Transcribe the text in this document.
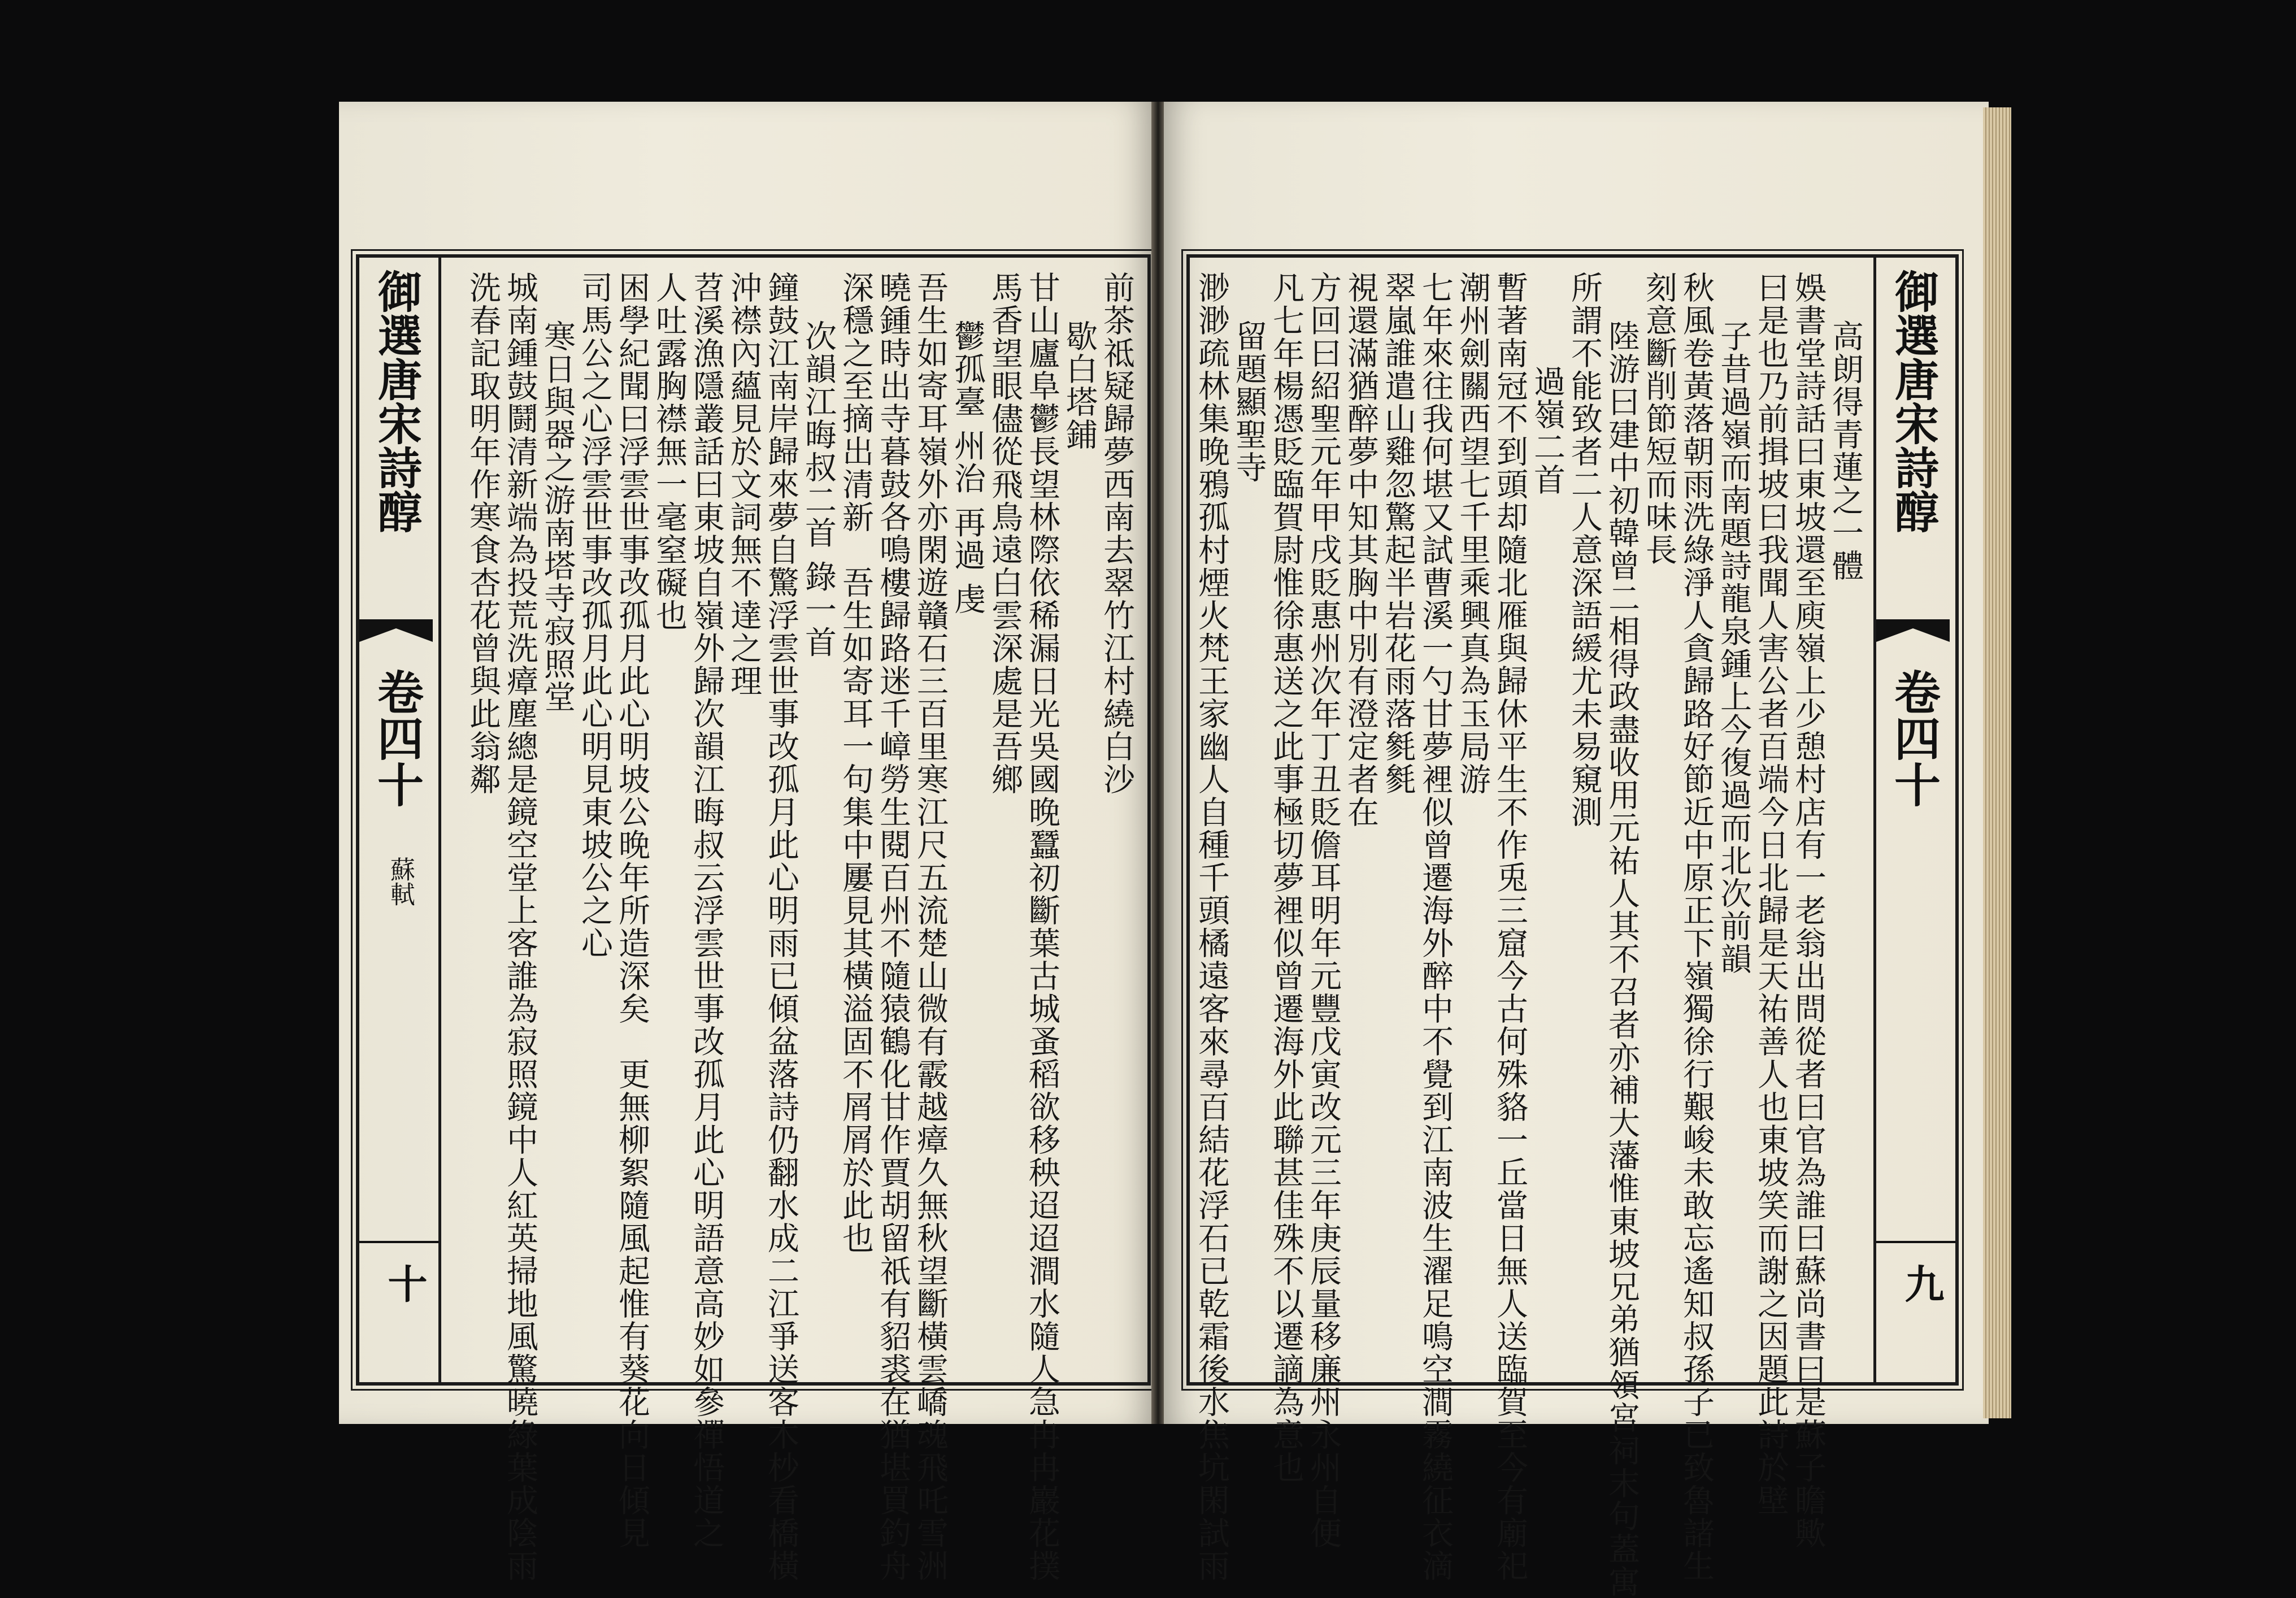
御選唐宋詩醇
卷四十
蘇軾
十
前茶祗疑歸夢西南去翠竹江村繞白沙
歇白塔鋪
甘山廬阜鬱長望林際依稀漏日光吳國晚蠶初斷葉古城蚤稻欲移秧迢迢澗水隨人急冉冉巖花撲
馬香望眼儘從飛鳥遠白雲深處是吾鄉
鬱孤臺 州治 再過 虔
吾生如寄耳嶺外亦閑遊贛石三百里寒江尺五流楚山微有霰越瘴久無秋望斷橫雲嶠魂飛吒雪洲
曉鍾時出寺暮鼓各鳴樓歸路迷千嶂勞生閱百州不隨猿鶴化甘作賈胡留祇有貂裘在猶堪買釣舟
深穩之至摘出清新　吾生如寄耳一句集中屢見其橫溢固不屑屑於此也
次韻江晦叔二首 錄一首
鐘鼓江南岸歸來夢自驚浮雲世事改孤月此心明雨已傾盆落詩仍翻水成二江爭送客木杪看橋橫
沖襟內蘊見於文詞無不達之理
苕溪漁隱叢話曰東坡自嶺外歸次韻江晦叔云浮雲世事改孤月此心明語意高妙如參禪悟道之
人吐露胸襟無一毫窒礙也
困學紀聞曰浮雲世事改孤月此心明坡公晚年所造深矣　更無柳絮隨風起惟有葵花向日傾見
司馬公之心浮雲世事改孤月此心明見東坡公之心
寒日與器之游南塔寺寂照堂
城南鍾鼓鬪清新端為投荒洗瘴塵總是鏡空堂上客誰為寂照鏡中人紅英掃地風驚曉綠葉成陰雨
洗春記取明年作寒食杏花曾與此翁鄰	御選唐宋詩醇
卷四十
九
高朗得青蓮之一體
娛書堂詩話曰東坡還至庾嶺上少憩村店有一老翁出問從者曰官為誰曰蘇尚書曰是蘇子瞻歟
曰是也乃前揖坡曰我聞人害公者百端今日北歸是天祐善人也東坡笑而謝之因題此詩於壁
子昔過嶺而南題詩龍泉鍾上今復過而北次前韻
秋風卷黃落朝雨洗綠淨人貪歸路好節近中原正下嶺獨徐行艱峻未敢忘遙知叔孫子已致魯諸生
刻意斷削節短而味長
陸游曰建中初韓曾二相得政盡收用元祐人其不召者亦補大藩惟東坡兄弟猶領宮祠末句蓋寓
所謂不能致者二人意深語緩尤未易窺測
過嶺二首
暫著南冠不到頭却隨北雁與歸休平生不作兎三窟今古何殊貉一丘當日無人送臨賀至今有廟祀
潮州劍關西望七千里乘興真為玉局游
七年來往我何堪又試曹溪一勺甘夢裡似曾遷海外醉中不覺到江南波生濯足鳴空澗霧繞征衣滴
翠嵐誰遣山雞忽驚起半岩花雨落毿毿
視還滿猶醉夢中知其胸中別有澄定者在
方回曰紹聖元年甲戌貶惠州次年丁丑貶儋耳明年元豐戊寅改元三年庚辰量移廉州永州自便
凡七年楊憑貶臨賀尉惟徐惠送之此事極切夢裡似曾遷海外此聯甚佳殊不以遷謫為意也
留題顯聖寺
渺渺疏林集晚鴉孤村煙火梵王家幽人自種千頭橘遠客來尋百結花浮石已乾霜後水焦坑閑試雨
